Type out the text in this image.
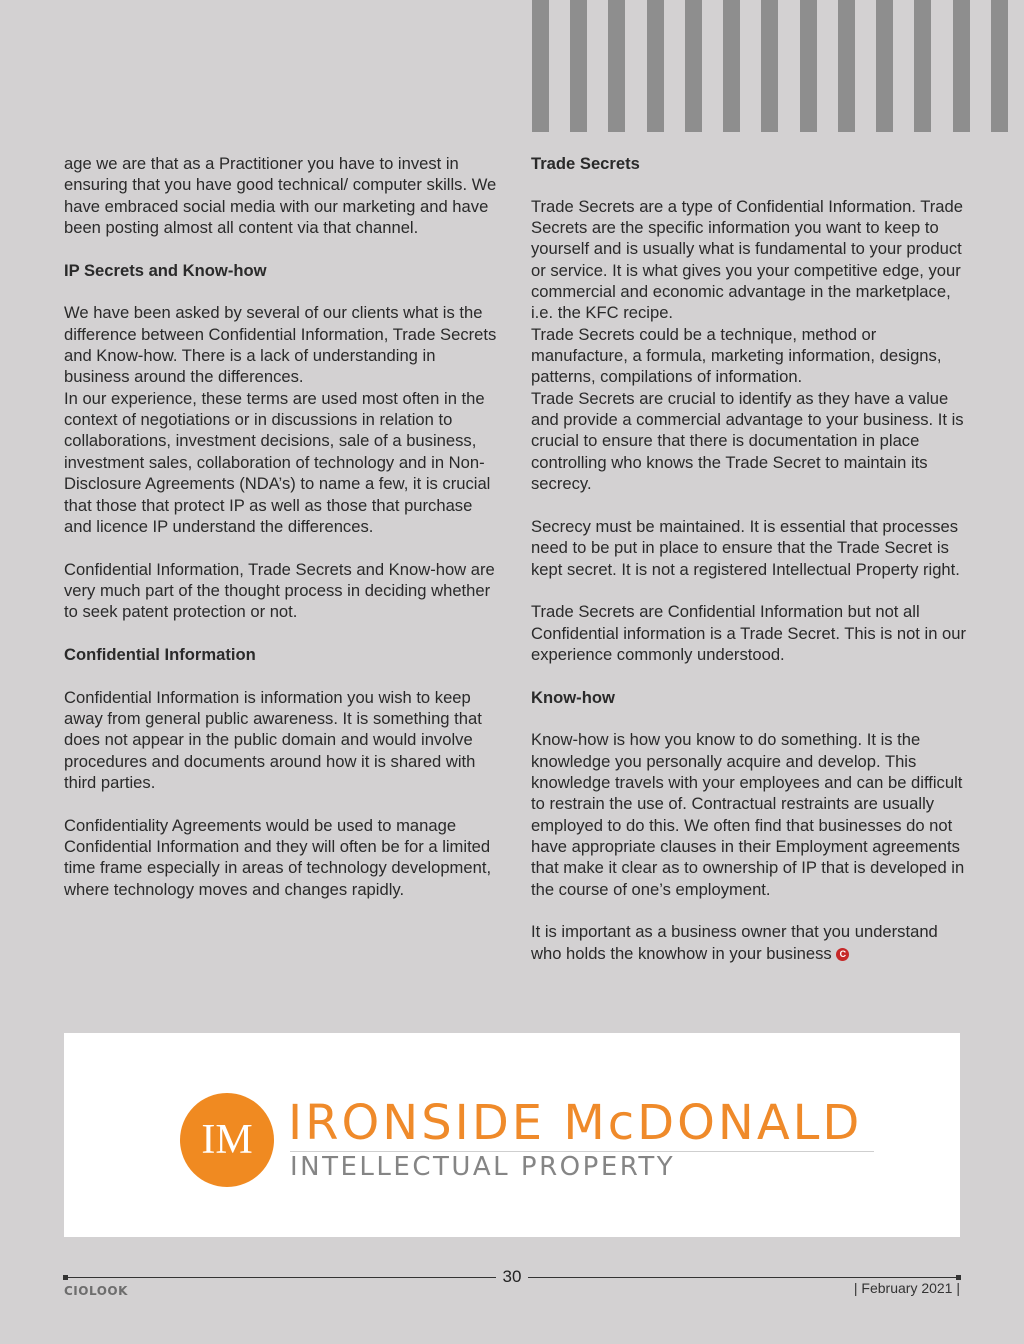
age we are that as a Practitioner you have to invest in ensuring that you have good technical/ computer skills. We have embraced social media with our marketing and have been posting almost all content via that channel.

IP Secrets and Know-how

We have been asked by several of our clients what is the difference between Confidential Information, Trade Secrets and Know-how. There is a lack of understanding in business around the differences.

In our experience, these terms are used most often in the context of negotiations or in discussions in relation to collaborations, investment decisions, sale of a business, investment sales, collaboration of technology and in Non-Disclosure Agreements (NDA’s) to name a few, it is crucial that those that protect IP as well as those that purchase and licence IP understand the differences.

Confidential Information, Trade Secrets and Know-how are very much part of the thought process in deciding whether to seek patent protection or not.

Confidential Information

Confidential Information is information you wish to keep away from general public awareness. It is something that does not appear in the public domain and would involve procedures and documents around how it is shared with third parties.

Confidentiality Agreements would be used to manage Confidential Information and they will often be for a limited time frame especially in areas of technology development, where technology moves and changes rapidly.

Trade Secrets

Trade Secrets are a type of Confidential Information. Trade Secrets are the specific information you want to keep to yourself and is usually what is fundamental to your product or service. It is what gives you your competitive edge, your commercial and economic advantage in the marketplace, i.e. the KFC recipe.

Trade Secrets could be a technique, method or manufacture, a formula, marketing information, designs, patterns, compilations of information.

Trade Secrets are crucial to identify as they have a value and provide a commercial advantage to your business. It is crucial to ensure that there is documentation in place controlling who knows the Trade Secret to maintain its secrecy.

Secrecy must be maintained. It is essential that processes need to be put in place to ensure that the Trade Secret is kept secret. It is not a registered Intellectual Property right.

Trade Secrets are Confidential Information but not all Confidential information is a Trade Secret. This is not in our experience commonly understood.

Know-how

Know-how is how you know to do something. It is the knowledge you personally acquire and develop. This knowledge travels with your employees and can be difficult to restrain the use of. Contractual restraints are usually employed to do this. We often find that businesses do not have appropriate clauses in their Employment agreements that make it clear as to ownership of IP that is developed in the course of one’s employment.

It is important as a business owner that you understand who holds the knowhow in your business C

IM IRONSIDE McDONALD
INTELLECTUAL PROPERTY
30
CIOLOOK	| February 2021 |
